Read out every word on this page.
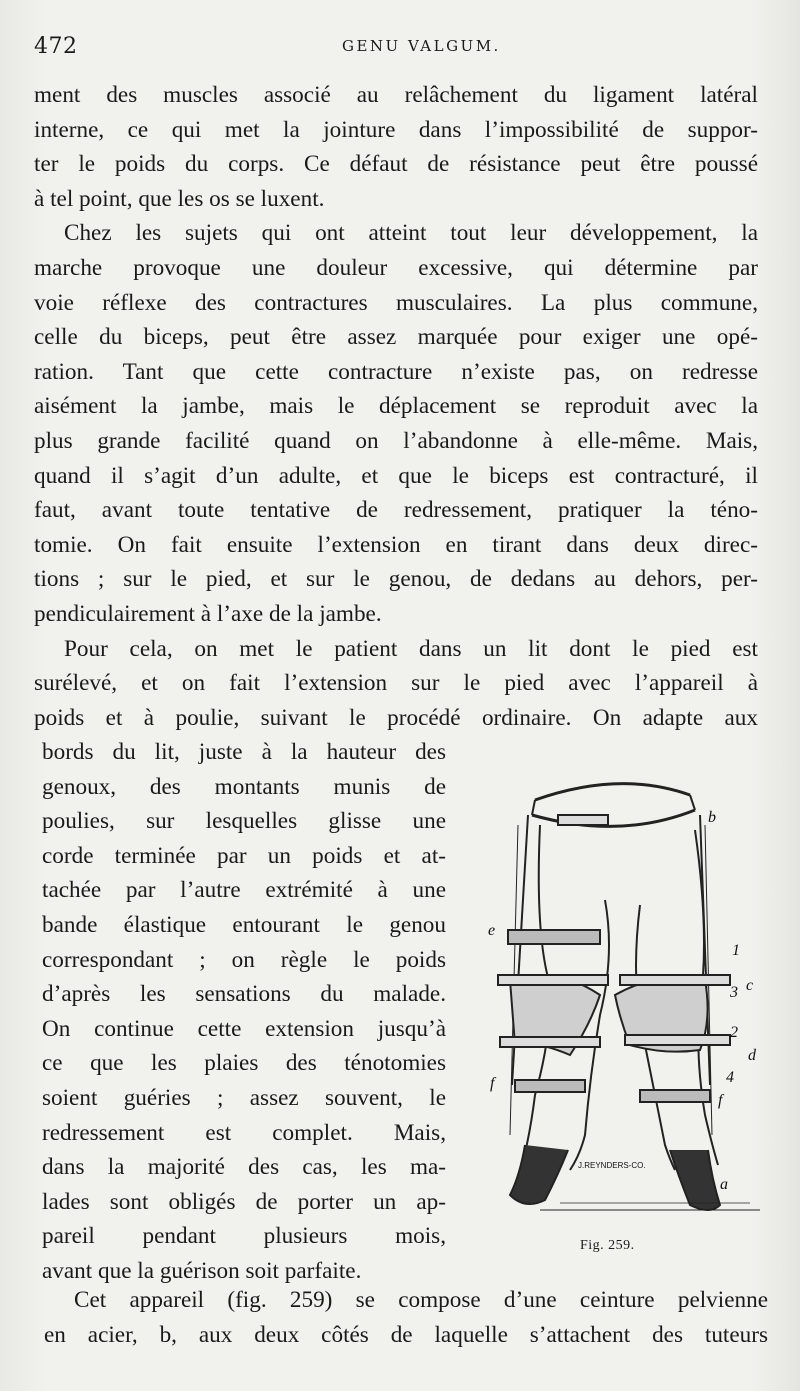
472	GENU VALGUM.
ment des muscles associé au relâchement du ligament latéral
interne, ce qui met la jointure dans l’impossibilité de suppor-
ter le poids du corps. Ce défaut de résistance peut être poussé
à tel point, que les os se luxent.
Chez les sujets qui ont atteint tout leur développement, la
marche provoque une douleur excessive, qui détermine par
voie réflexe des contractures musculaires. La plus commune,
celle du biceps, peut être assez marquée pour exiger une opé-
ration. Tant que cette contracture n’existe pas, on redresse
aisément la jambe, mais le déplacement se reproduit avec la
plus grande facilité quand on l’abandonne à elle-même. Mais,
quand il s’agit d’un adulte, et que le biceps est contracturé, il
faut, avant toute tentative de redressement, pratiquer la téno-
tomie. On fait ensuite l’extension en tirant dans deux direc-
tions ; sur le pied, et sur le genou, de dedans au dehors, per-
pendiculairement à l’axe de la jambe.
Pour cela, on met le patient dans un lit dont le pied est
surélevé, et on fait l’extension sur le pied avec l’appareil à
poids et à poulie, suivant le procédé ordinaire. On adapte aux
bords du lit, juste à la hauteur des
genoux, des montants munis de
poulies, sur lesquelles glisse une
corde terminée par un poids et at-
tachée par l’autre extrémité à une
bande élastique entourant le genou
correspondant ; on règle le poids
d’après les sensations du malade.
On continue cette extension jusqu’à
ce que les plaies des ténotomies
soient guéries ; assez souvent, le
redressement est complet. Mais,
dans la majorité des cas, les ma-
lades sont obligés de porter un ap-
pareil pendant plusieurs mois,
avant que la guérison soit parfaite.
Cet appareil (fig. 259) se compose d’une ceinture pelvienne
en acier, b, aux deux côtés de laquelle s’attachent des tuteurs
b
e
1
3 c
2
d
4
f
f
a
J.REYNDERS-CO.
Fig. 259.
